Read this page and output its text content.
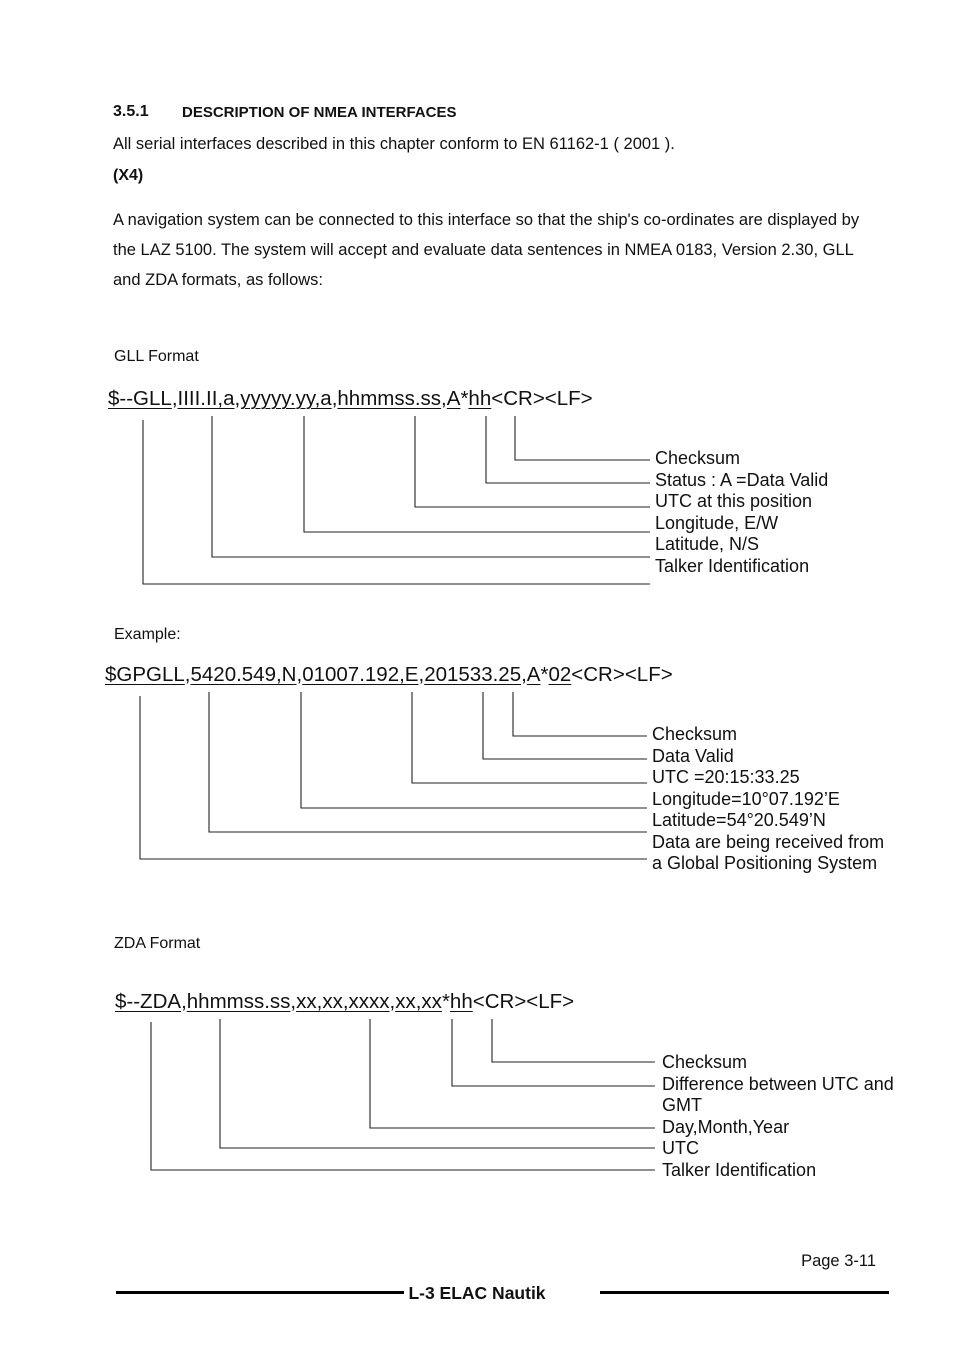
3.5.1 DESCRIPTION OF NMEA INTERFACES
All serial interfaces described in this chapter conform to EN 61162-1 ( 2001 ).
(X4)
A navigation system can be connected to this interface so that the ship's co-ordinates are displayed by the LAZ 5100. The system will accept and evaluate data sentences in NMEA 0183, Version 2.30, GLL and ZDA formats, as follows:
GLL Format
$--GLL,IIII.II,a,yyyyy.yy,a,hhmmss.ss,A*hh<CR><LF>
Checksum
Status : A =Data Valid
UTC at this position
Longitude, E/W
Latitude, N/S
Talker Identification
Example:
$GPGLL,5420.549,N,01007.192,E,201533.25,A*02<CR><LF>
Checksum
Data Valid
UTC =20:15:33.25
Longitude=10°07.192’E
Latitude=54°20.549’N
Data are being received from
a Global Positioning System
ZDA Format
$--ZDA,hhmmss.ss,xx,xx,xxxx,xx,xx*hh<CR><LF>
Checksum
Difference between UTC and
GMT
Day,Month,Year
UTC
Talker Identification
Page 3-11
L-3 ELAC Nautik
